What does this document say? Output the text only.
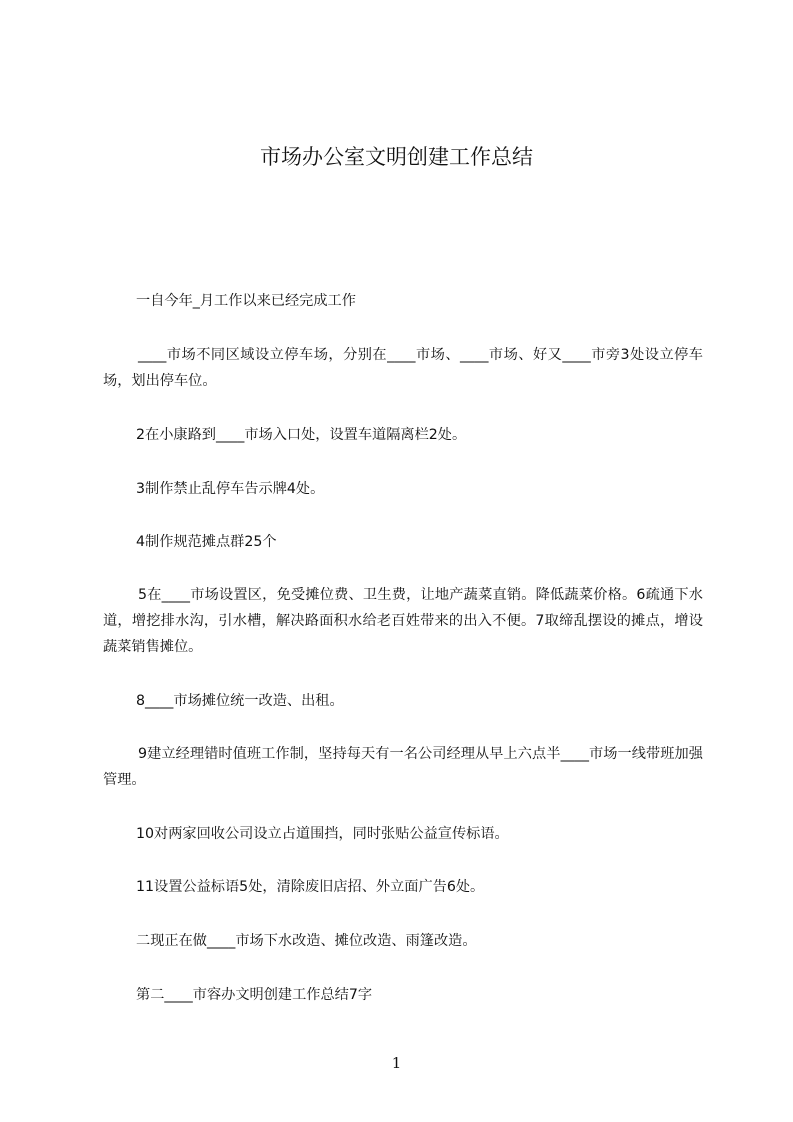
市场办公室文明创建工作总结

一自今年_月工作以来已经完成工作

____市场不同区域设立停车场，分别在____市场、____市场、好又____市旁3处设立停车场，划出停车位。

2在小康路到____市场入口处，设置车道隔离栏2处。

3制作禁止乱停车告示牌4处。

4制作规范摊点群25个

5在____市场设置区，免受摊位费、卫生费，让地产蔬菜直销。降低蔬菜价格。6疏通下水道，增挖排水沟，引水槽，解决路面积水给老百姓带来的出入不便。7取缔乱摆设的摊点，增设蔬菜销售摊位。

8____市场摊位统一改造、出租。

9建立经理错时值班工作制，坚持每天有一名公司经理从早上六点半____市场一线带班加强管理。

10对两家回收公司设立占道围挡，同时张贴公益宣传标语。

11设置公益标语5处，清除废旧店招、外立面广告6处。

二现正在做____市场下水改造、摊位改造、雨篷改造。

第二____市容办文明创建工作总结7字

1
